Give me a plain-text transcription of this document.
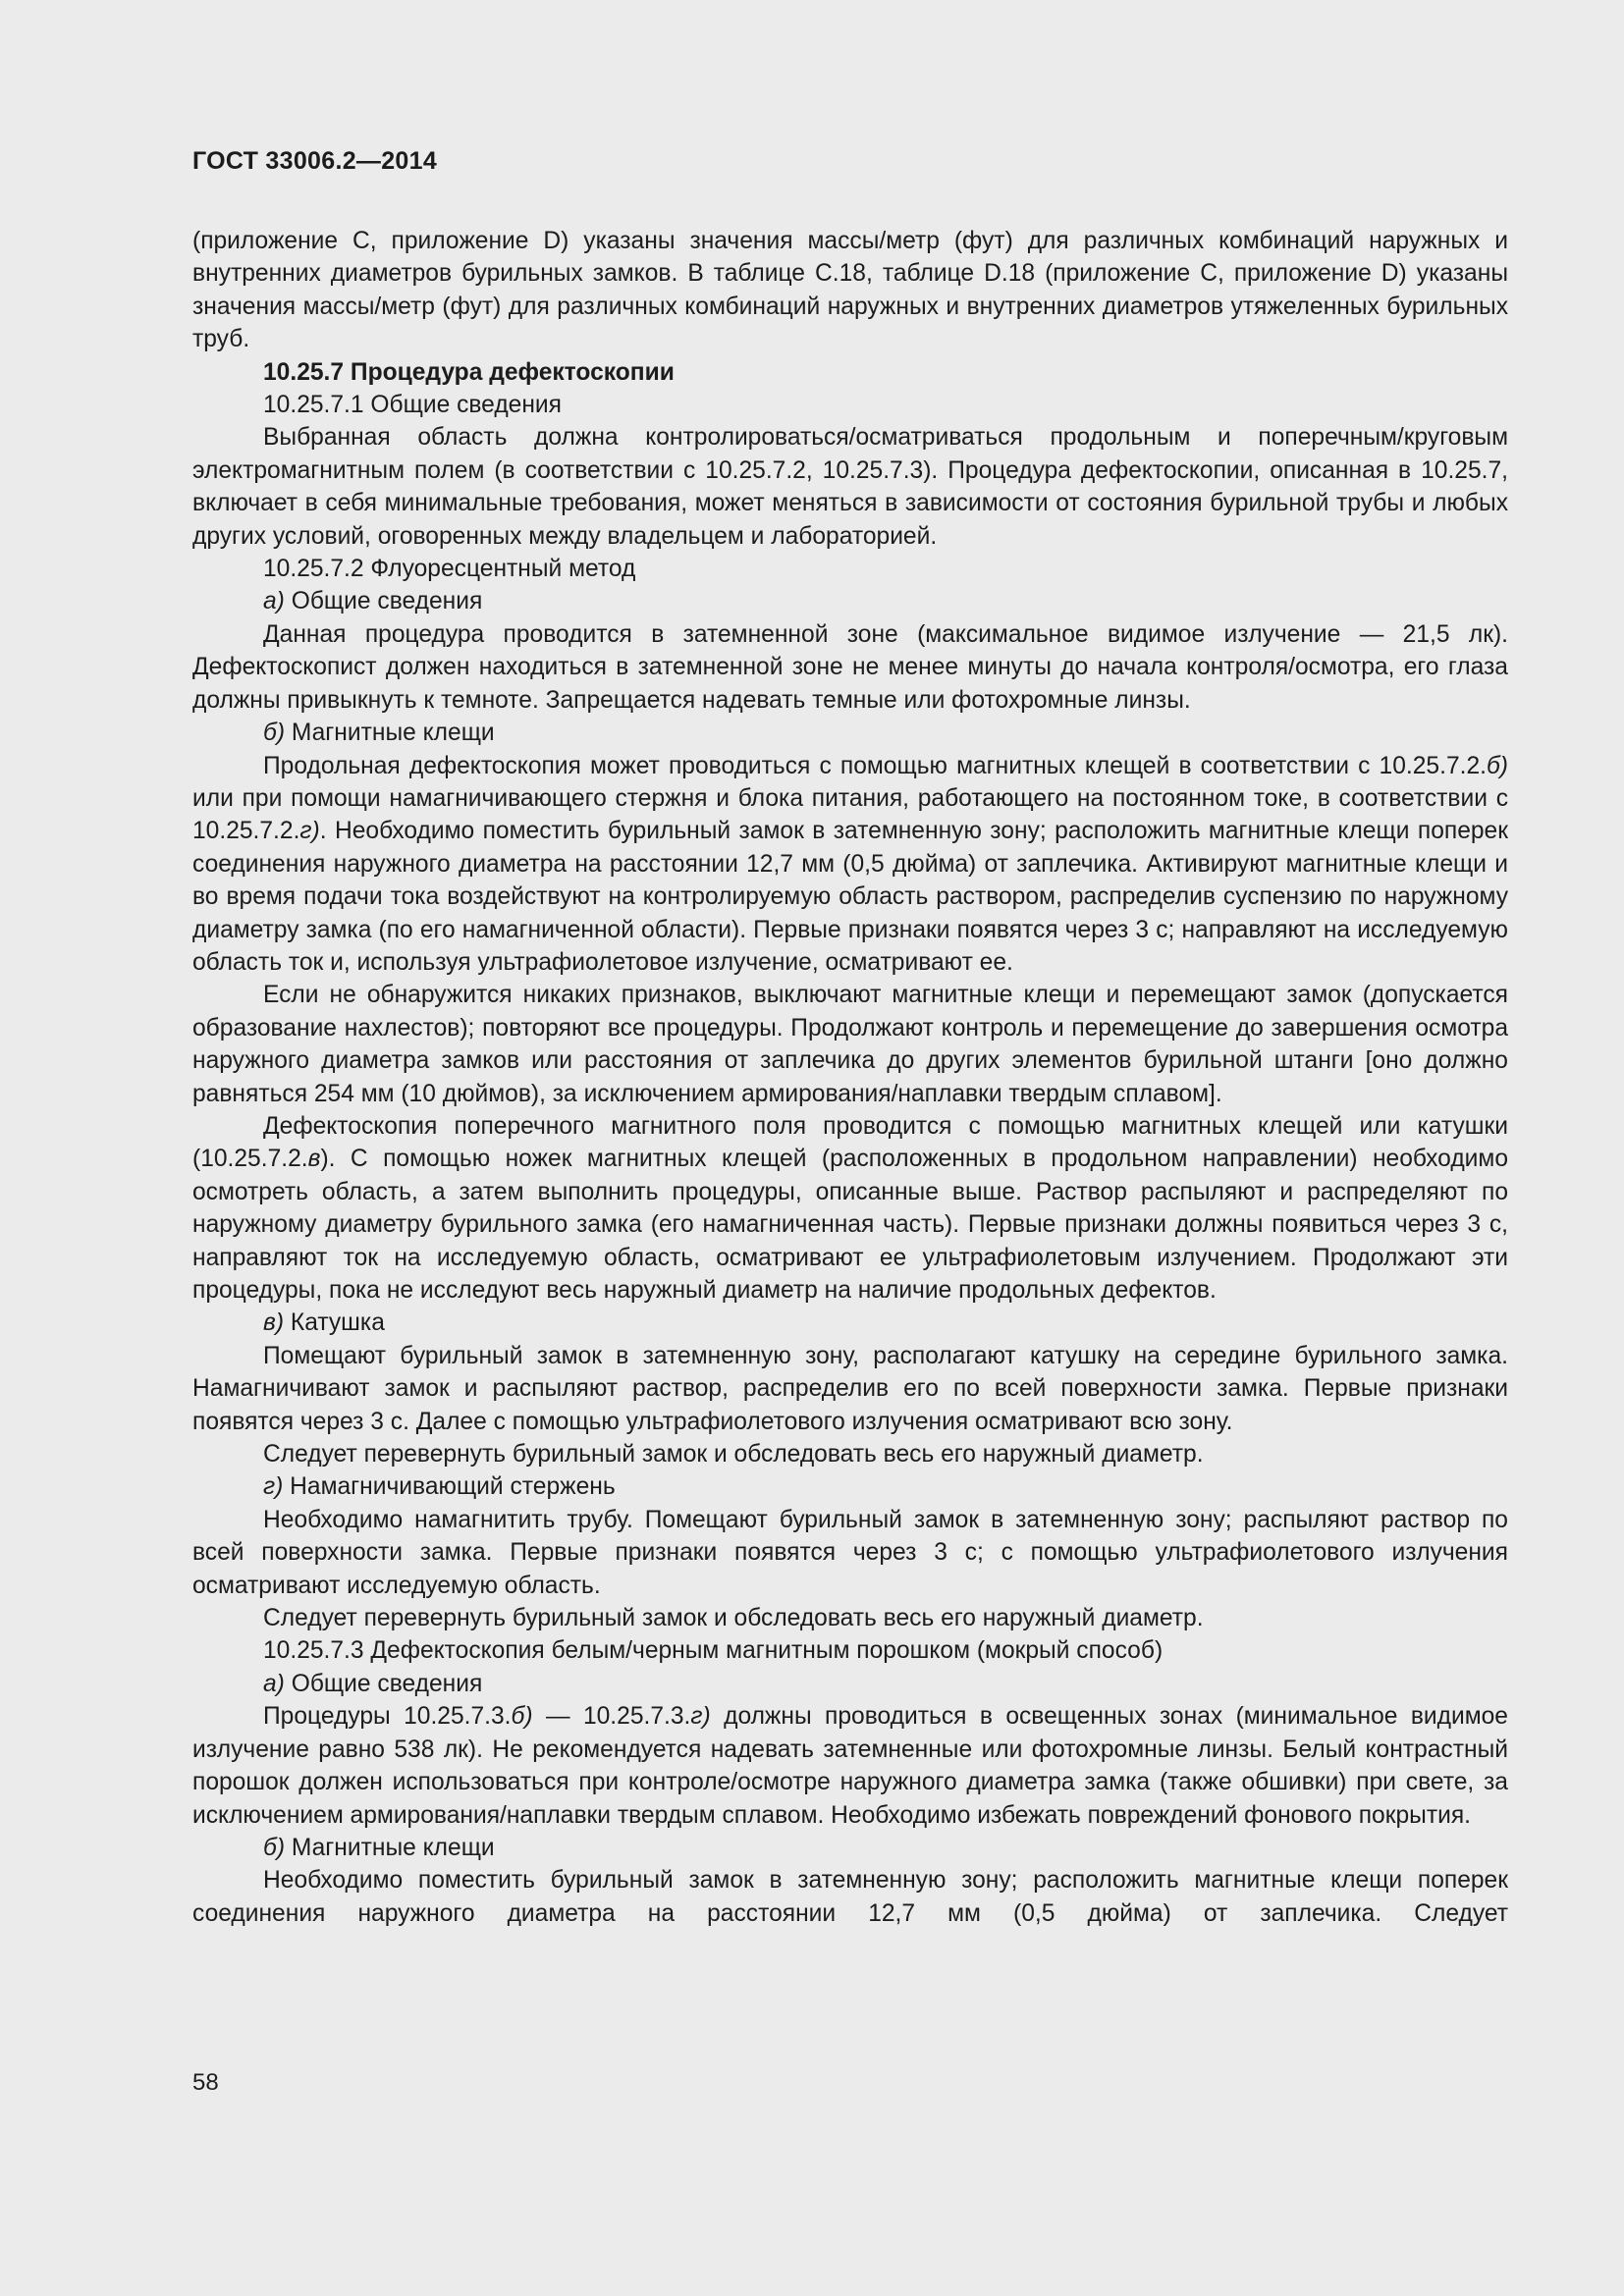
ГОСТ 33006.2—2014

(приложение С, приложение D) указаны значения массы/метр (фут) для различных комбинаций наружных и внутренних диаметров бурильных замков. В таблице С.18, таблице D.18 (приложение С, приложение D) указаны значения массы/метр (фут) для различных комбинаций наружных и внутренних диаметров утяжеленных бурильных труб.

10.25.7 Процедура дефектоскопии

10.25.7.1 Общие сведения

Выбранная область должна контролироваться/осматриваться продольным и поперечным/круговым электромагнитным полем (в соответствии с 10.25.7.2, 10.25.7.3). Процедура дефектоскопии, описанная в 10.25.7, включает в себя минимальные требования, может меняться в зависимости от состояния бурильной трубы и любых других условий, оговоренных между владельцем и лабораторией.

10.25.7.2 Флуоресцентный метод

а) Общие сведения

Данная процедура проводится в затемненной зоне (максимальное видимое излучение — 21,5 лк). Дефектоскопист должен находиться в затемненной зоне не менее минуты до начала контроля/осмотра, его глаза должны привыкнуть к темноте. Запрещается надевать темные или фотохромные линзы.

б) Магнитные клещи

Продольная дефектоскопия может проводиться с помощью магнитных клещей в соответствии с 10.25.7.2.б) или при помощи намагничивающего стержня и блока питания, работающего на постоянном токе, в соответствии с 10.25.7.2.г). Необходимо поместить бурильный замок в затемненную зону; расположить магнитные клещи поперек соединения наружного диаметра на расстоянии 12,7 мм (0,5 дюйма) от заплечика. Активируют магнитные клещи и во время подачи тока воздействуют на контролируемую область раствором, распределив суспензию по наружному диаметру замка (по его намагниченной области). Первые признаки появятся через 3 с; направляют на исследуемую область ток и, используя ультрафиолетовое излучение, осматривают ее.

Если не обнаружится никаких признаков, выключают магнитные клещи и перемещают замок (допускается образование нахлестов); повторяют все процедуры. Продолжают контроль и перемещение до завершения осмотра наружного диаметра замков или расстояния от заплечика до других элементов бурильной штанги [оно должно равняться 254 мм (10 дюймов), за исключением армирования/наплавки твердым сплавом].

Дефектоскопия поперечного магнитного поля проводится с помощью магнитных клещей или катушки (10.25.7.2.в). С помощью ножек магнитных клещей (расположенных в продольном направлении) необходимо осмотреть область, а затем выполнить процедуры, описанные выше. Раствор распыляют и распределяют по наружному диаметру бурильного замка (его намагниченная часть). Первые признаки должны появиться через 3 с, направляют ток на исследуемую область, осматривают ее ультрафиолетовым излучением. Продолжают эти процедуры, пока не исследуют весь наружный диаметр на наличие продольных дефектов.

в) Катушка

Помещают бурильный замок в затемненную зону, располагают катушку на середине бурильного замка. Намагничивают замок и распыляют раствор, распределив его по всей поверхности замка. Первые признаки появятся через 3 с. Далее с помощью ультрафиолетового излучения осматривают всю зону.

Следует перевернуть бурильный замок и обследовать весь его наружный диаметр.

г) Намагничивающий стержень

Необходимо намагнитить трубу. Помещают бурильный замок в затемненную зону; распыляют раствор по всей поверхности замка. Первые признаки появятся через 3 с; с помощью ультрафиолетового излучения осматривают исследуемую область.

Следует перевернуть бурильный замок и обследовать весь его наружный диаметр.

10.25.7.3 Дефектоскопия белым/черным магнитным порошком (мокрый способ)

а) Общие сведения

Процедуры 10.25.7.3.б) — 10.25.7.3.г) должны проводиться в освещенных зонах (минимальное видимое излучение равно 538 лк). Не рекомендуется надевать затемненные или фотохромные линзы. Белый контрастный порошок должен использоваться при контроле/осмотре наружного диаметра замка (также обшивки) при свете, за исключением армирования/наплавки твердым сплавом. Необходимо избежать повреждений фонового покрытия.

б) Магнитные клещи

Необходимо поместить бурильный замок в затемненную зону; расположить магнитные клещи поперек соединения наружного диаметра на расстоянии 12,7 мм (0,5 дюйма) от заплечика. Следует

58
